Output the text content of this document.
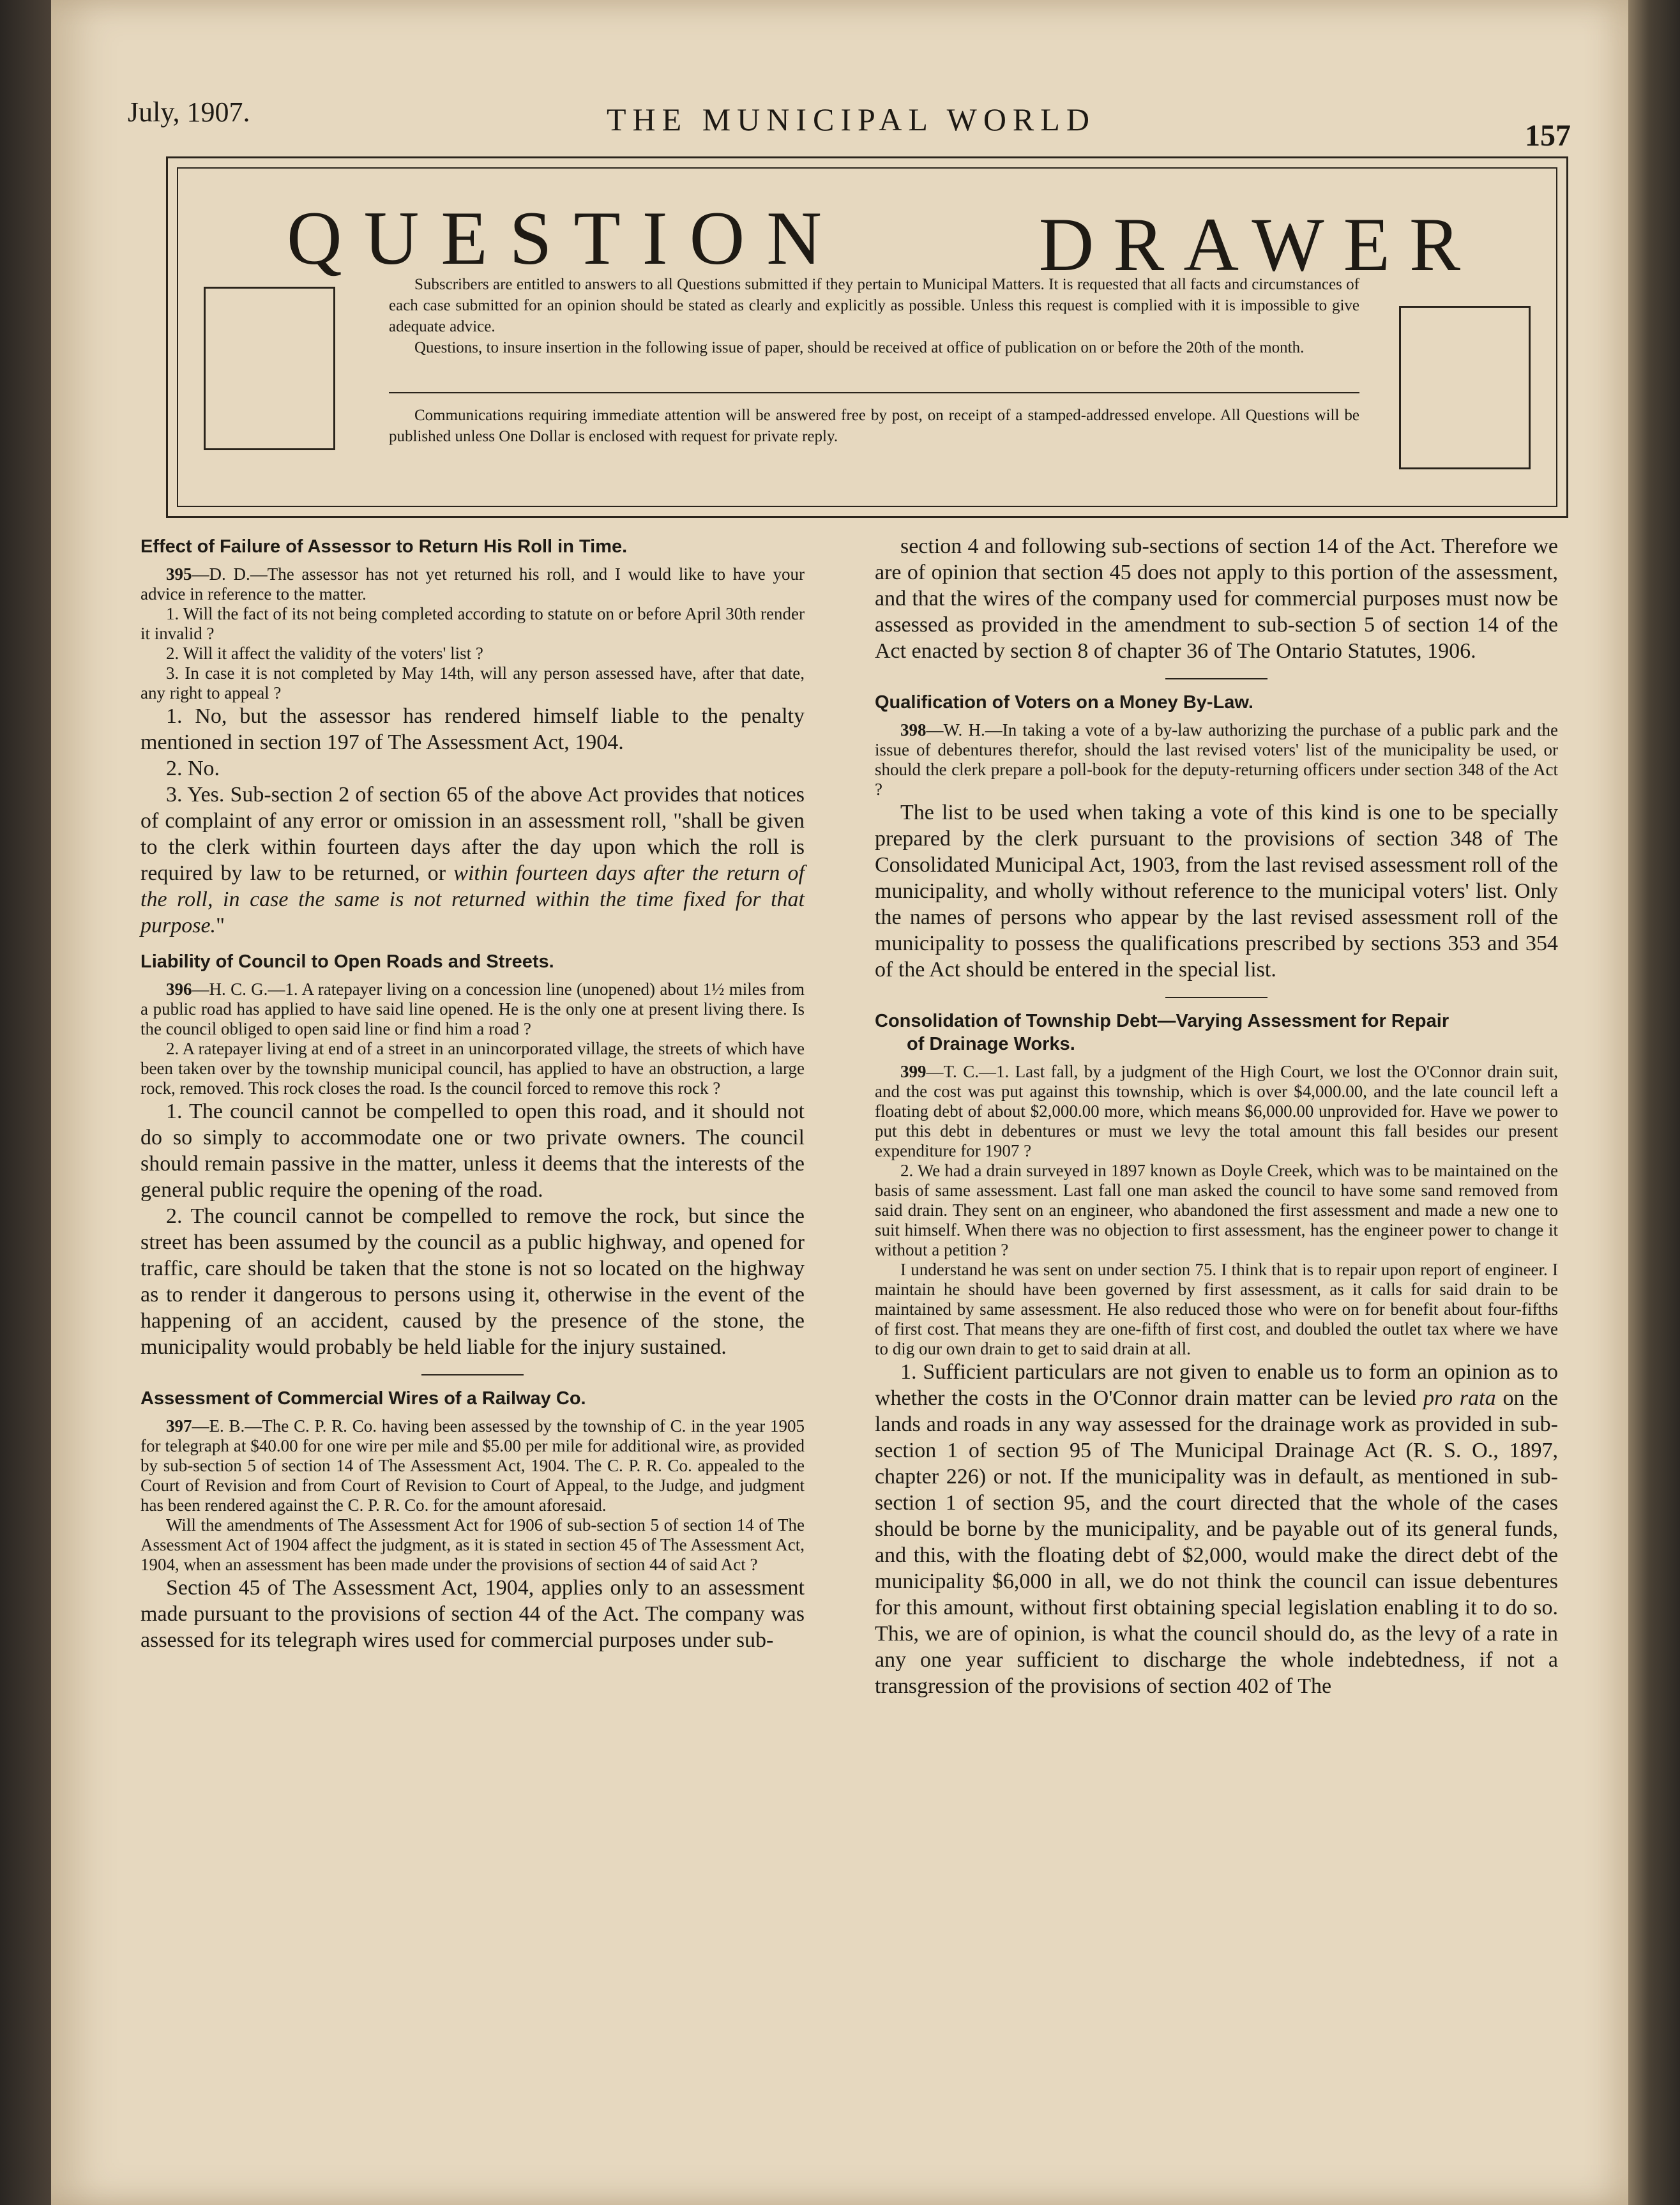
July, 1907.	THE MUNICIPAL WORLD	157
QUESTION	DRAWER

Subscribers are entitled to answers to all Questions submitted if they pertain to Municipal Matters. It is requested that all facts and circumstances of each case submitted for an opinion should be stated as clearly and explicitly as possible. Unless this request is complied with it is impossible to give adequate advice.

Questions, to insure insertion in the following issue of paper, should be received at office of publication on or before the 20th of the month.

Communications requiring immediate attention will be answered free by post, on receipt of a stamped-addressed envelope. All Questions will be published unless One Dollar is enclosed with request for private reply.

Effect of Failure of Assessor to Return His Roll in Time.

395—D. D.—The assessor has not yet returned his roll, and I would like to have your advice in reference to the matter.

1. Will the fact of its not being completed according to statute on or before April 30th render it invalid ?

2. Will it affect the validity of the voters' list ?

3. In case it is not completed by May 14th, will any person assessed have, after that date, any right to appeal ?

1. No, but the assessor has rendered himself liable to the penalty mentioned in section 197 of The Assessment Act, 1904.

2. No.

3. Yes. Sub-section 2 of section 65 of the above Act provides that notices of complaint of any error or omission in an assessment roll, "shall be given to the clerk within fourteen days after the day upon which the roll is required by law to be returned, or within fourteen days after the return of the roll, in case the same is not returned within the time fixed for that purpose."

Liability of Council to Open Roads and Streets.

396—H. C. G.—1. A ratepayer living on a concession line (unopened) about 1½ miles from a public road has applied to have said line opened. He is the only one at present living there. Is the council obliged to open said line or find him a road ?

2. A ratepayer living at end of a street in an unincorporated village, the streets of which have been taken over by the township municipal council, has applied to have an obstruction, a large rock, removed. This rock closes the road. Is the council forced to remove this rock ?

1. The council cannot be compelled to open this road, and it should not do so simply to accommodate one or two private owners. The council should remain passive in the matter, unless it deems that the interests of the general public require the opening of the road.

2. The council cannot be compelled to remove the rock, but since the street has been assumed by the council as a public highway, and opened for traffic, care should be taken that the stone is not so located on the highway as to render it dangerous to persons using it, otherwise in the event of the happening of an accident, caused by the presence of the stone, the municipality would probably be held liable for the injury sustained.

Assessment of Commercial Wires of a Railway Co.

397—E. B.—The C. P. R. Co. having been assessed by the township of C. in the year 1905 for telegraph at $40.00 for one wire per mile and $5.00 per mile for additional wire, as provided by sub-section 5 of section 14 of The Assessment Act, 1904. The C. P. R. Co. appealed to the Court of Revision and from Court of Revision to Court of Appeal, to the Judge, and judgment has been rendered against the C. P. R. Co. for the amount aforesaid.

Will the amendments of The Assessment Act for 1906 of sub-section 5 of section 14 of The Assessment Act of 1904 affect the judgment, as it is stated in section 45 of The Assessment Act, 1904, when an assessment has been made under the provisions of section 44 of said Act ?

Section 45 of The Assessment Act, 1904, applies only to an assessment made pursuant to the provisions of section 44 of the Act. The company was assessed for its telegraph wires used for commercial purposes under sub-

section 4 and following sub-sections of section 14 of the Act. Therefore we are of opinion that section 45 does not apply to this portion of the assessment, and that the wires of the company used for commercial purposes must now be assessed as provided in the amendment to sub-section 5 of section 14 of the Act enacted by section 8 of chapter 36 of The Ontario Statutes, 1906.

Qualification of Voters on a Money By-Law.

398—W. H.—In taking a vote of a by-law authorizing the purchase of a public park and the issue of debentures therefor, should the last revised voters' list of the municipality be used, or should the clerk prepare a poll-book for the deputy-returning officers under section 348 of the Act ?

The list to be used when taking a vote of this kind is one to be specially prepared by the clerk pursuant to the provisions of section 348 of The Consolidated Municipal Act, 1903, from the last revised assessment roll of the municipality, and wholly without reference to the municipal voters' list. Only the names of persons who appear by the last revised assessment roll of the municipality to possess the qualifications prescribed by sections 353 and 354 of the Act should be entered in the special list.

Consolidation of Township Debt—Varying Assessment for Repair
of Drainage Works.

399—T. C.—1. Last fall, by a judgment of the High Court, we lost the O'Connor drain suit, and the cost was put against this township, which is over $4,000.00, and the late council left a floating debt of about $2,000.00 more, which means $6,000.00 unprovided for. Have we power to put this debt in debentures or must we levy the total amount this fall besides our present expenditure for 1907 ?

2. We had a drain surveyed in 1897 known as Doyle Creek, which was to be maintained on the basis of same assessment. Last fall one man asked the council to have some sand removed from said drain. They sent on an engineer, who abandoned the first assessment and made a new one to suit himself. When there was no objection to first assessment, has the engineer power to change it without a petition ?

I understand he was sent on under section 75. I think that is to repair upon report of engineer. I maintain he should have been governed by first assessment, as it calls for said drain to be maintained by same assessment. He also reduced those who were on for benefit about four-fifths of first cost. That means they are one-fifth of first cost, and doubled the outlet tax where we have to dig our own drain to get to said drain at all.

1. Sufficient particulars are not given to enable us to form an opinion as to whether the costs in the O'Connor drain matter can be levied pro rata on the lands and roads in any way assessed for the drainage work as provided in sub-section 1 of section 95 of The Municipal Drainage Act (R. S. O., 1897, chapter 226) or not. If the municipality was in default, as mentioned in sub-section 1 of section 95, and the court directed that the whole of the cases should be borne by the municipality, and be payable out of its general funds, and this, with the floating debt of $2,000, would make the direct debt of the municipality $6,000 in all, we do not think the council can issue debentures for this amount, without first obtaining special legislation enabling it to do so. This, we are of opinion, is what the council should do, as the levy of a rate in any one year sufficient to discharge the whole indebtedness, if not a transgression of the provisions of section 402 of The
